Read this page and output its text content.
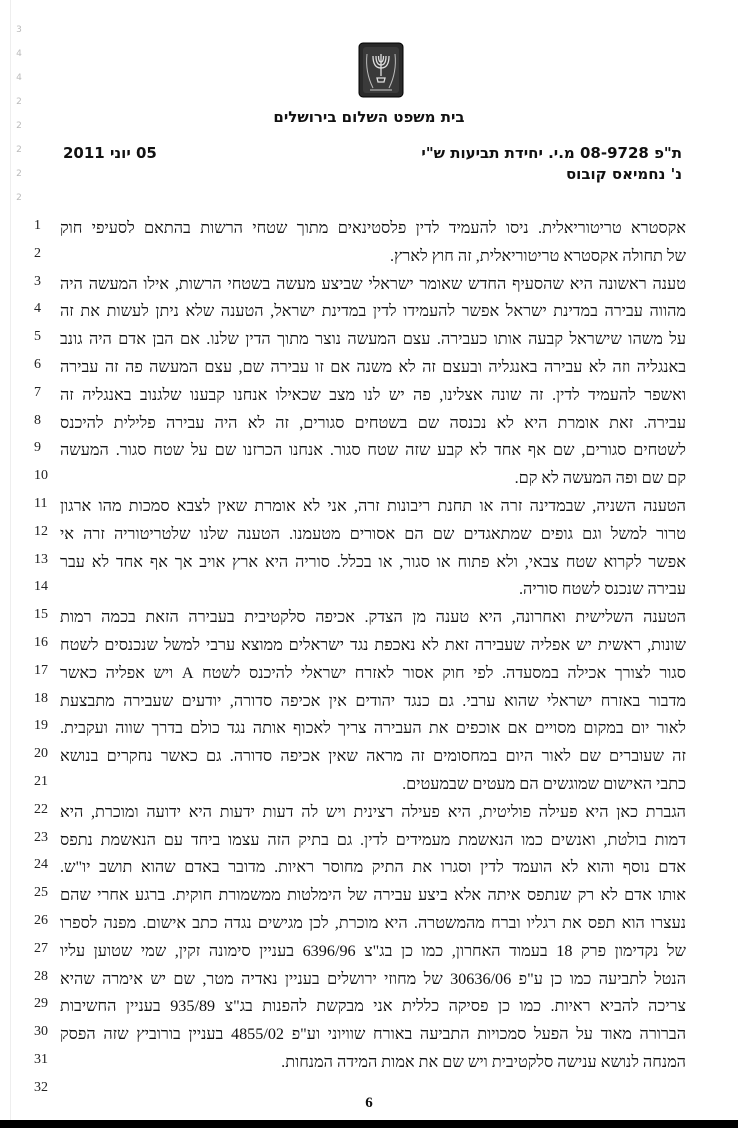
3
4
4
2
2
2
2
2
בית משפט השלום בירושלים
ת"פ 08-9728 מ.י. יחידת תביעות ש"י
נ' נחמיאס קובוס
05 יוני 2011
1	אקסטרא טריטוריאלית. ניסו להעמיד לדין פלסטינאים מתוך שטחי הרשות בהתאם לסעיפי חוק
2	של תחולה אקסטרא טריטוריאלית, זה חוץ לארץ.
3	טענה ראשונה היא שהסעיף החדש שאומר ישראלי שביצע מעשה בשטחי הרשות, אילו המעשה היה
4	מהווה עבירה במדינת ישראל אפשר להעמידו לדין במדינת ישראל, הטענה שלא ניתן לעשות את זה
5	על משהו שישראל קבעה אותו כעבירה. עצם המעשה נוצר מתוך הדין שלנו. אם הבן אדם היה גונב
6	באנגליה וזה לא עבירה באנגליה ובעצם זה לא משנה אם זו עבירה שם, עצם המעשה פה זה עבירה
7	ואשפר להעמיד לדין. זה שונה אצלינו, פה יש לנו מצב שכאילו אנחנו קבענו שלגנוב באנגליה זה
8	עבירה. זאת אומרת היא לא נכנסה שם בשטחים סגורים, זה לא היה עבירה פלילית להיכנס
9	לשטחים סגורים, שם אף אחד לא קבע שזה שטח סגור. אנחנו הכרזנו שם על שטח סגור. המעשה
10	קם שם ופה המעשה לא קם.
11 הטענה השניה, שבמדינה זרה או תחנת ריבונות זרה, אני לא אומרת שאין לצבא סמכות מהו ארגון
12 טרור למשל וגם גופים שמתאגדים שם הם אסורים מטעמנו. הטענה שלנו שלטריטוריה זרה אי
13 אפשר לקרוא שטח צבאי, ולא פתוח או סגור, או בכלל. סוריה היא ארץ אויב אך אף אחד לא עבר
14	עבירה שנכנס לשטח סוריה.
15 הטענה השלישית ואחרונה, היא טענה מן הצדק. אכיפה סלקטיבית בעבירה הזאת בכמה רמות
16 שונות, ראשית יש אפליה שעבירה זאת לא נאכפת נגד ישראלים ממוצא ערבי למשל שנכנסים לשטח
17 סגור לצורך אכילה במסעדה. לפי חוק אסור לאזרח ישראלי להיכנס לשטח A ויש אפליה כאשר
18 מדבור באזרח ישראלי שהוא ערבי. גם כנגד יהודים אין אכיפה סדורה, יודעים שעבירה מתבצעת
19 לאור יום במקום מסויים אם אוכפים את העבירה צריך לאכוף אותה נגד כולם בדרך שווה ועקבית.
20 זה שעוברים שם לאור היום במחסומים זה מראה שאין אכיפה סדורה. גם כאשר נחקרים בנושא
21	כתבי האישום שמוגשים הם מעטים שבמעטים.
22 הגברת כאן היא פעילה פוליטית, היא פעילה רצינית ויש לה דעות ידעות היא ידועה ומוכרת, היא
23 דמות בולטת, ואנשים כמו הנאשמת מעמידים לדין. גם בתיק הזה עצמו ביחד עם הנאשמת נתפס
24 אדם נוסף והוא לא הועמד לדין וסגרו את התיק מחוסר ראיות. מדובר באדם שהוא תושב יו"ש.
25 אותו אדם לא רק שנתפס איתה אלא ביצע עבירה של הימלטות ממשמורת חוקית. ברגע אחרי שהם
26 נעצרו הוא תפס את רגליו וברח מהמשטרה. היא מוכרת, לכן מגישים נגדה כתב אישום. מפנה לספרו
27 של נקדימון פרק 18 בעמוד האחרון, כמו כן בג"צ 6396/96 בעניין סימונה זקין, שמי שטוען עליו
28 הנטל לתביעה כמו כן ע"פ 30636/06 של מחוזי ירושלים בעניין נאדיה מטר, שם יש אימרה שהיא
29 צריכה להביא ראיות. כמו כן פסיקה כללית אני מבקשת להפנות בג"צ 935/89 בעניין החשיבות
30 הברורה מאוד על הפעל סמכויות התביעה באורח שוויוני וע"פ 4855/02 בעניין בורוביץ שזה הפסק
31	המנחה לנושא ענישה סלקטיבית ויש שם את אמות המידה המנחות.
32
6
